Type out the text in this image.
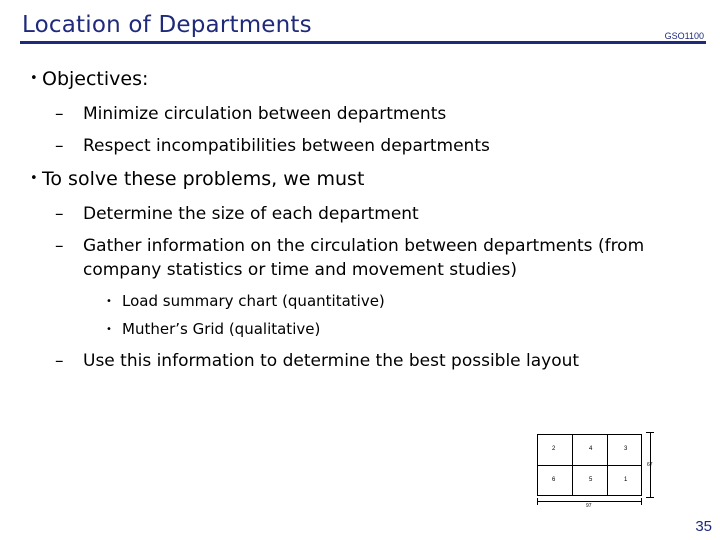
Location of Departments	GSO1100
• Objectives:
– Minimize circulation between departments
– Respect incompatibilities between departments
• To solve these problems, we must
– Determine the size of each department
– Gather information on the circulation between departments (from
company statistics or time and movement studies)
• Load summary chart (quantitative)
• Muther’s Grid (qualitative)
– Use this information to determine the best possible layout
2	4	3
6	5	1
67
97
35
